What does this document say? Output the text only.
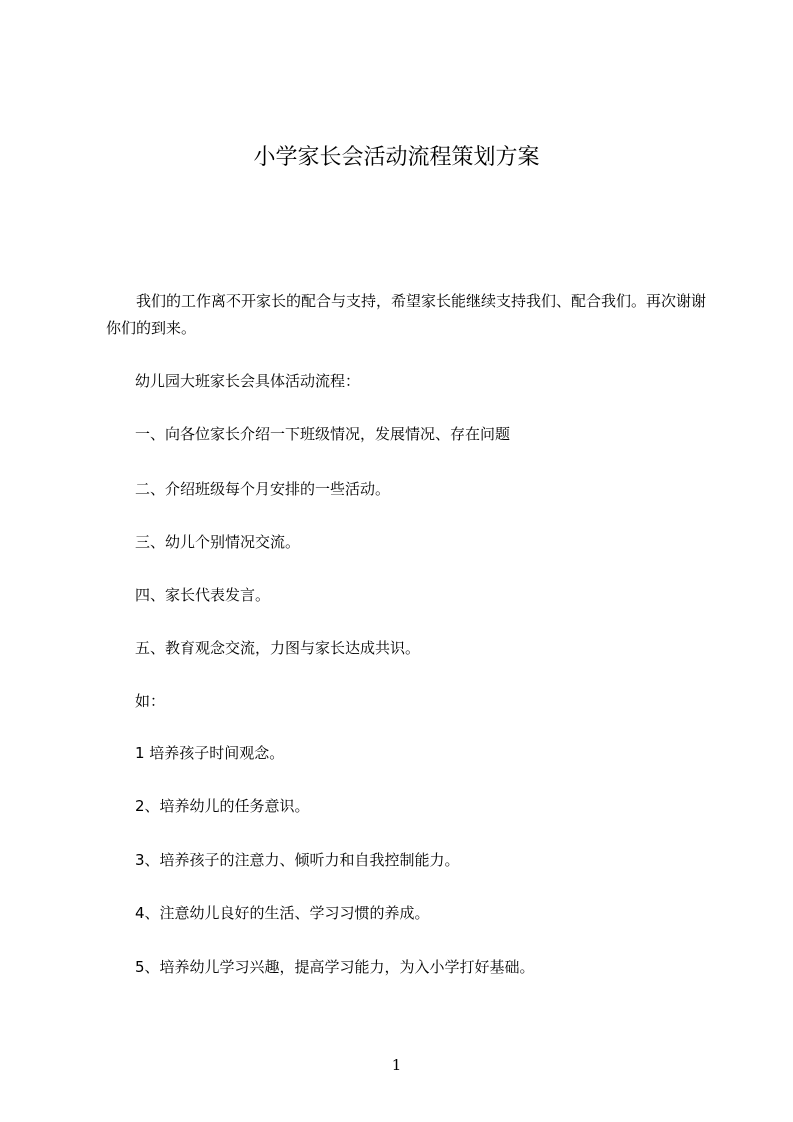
小学家长会活动流程策划方案

我们的工作离不开家长的配合与支持，希望家长能继续支持我们、配合我们。再次谢谢你们的到来。

幼儿园大班家长会具体活动流程：

一、向各位家长介绍一下班级情况，发展情况、存在问题

二、介绍班级每个月安排的一些活动。

三、幼儿个别情况交流。

四、家长代表发言。

五、教育观念交流，力图与家长达成共识。

如：

1 培养孩子时间观念。

2、培养幼儿的任务意识。

3、培养孩子的注意力、倾听力和自我控制能力。

4、注意幼儿良好的生活、学习习惯的养成。

5、培养幼儿学习兴趣，提高学习能力，为入小学打好基础。

1
